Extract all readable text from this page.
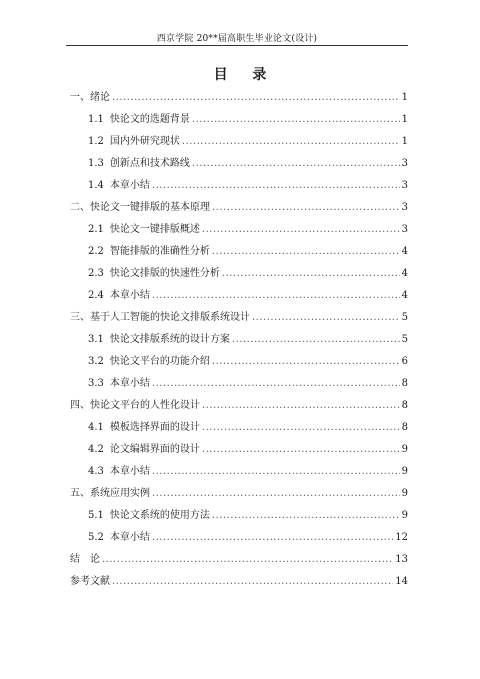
西京学院 20**届高职生毕业论文(设计)
目 录
一、绪论 .....	1
1.1 快论文的选题背景 .....	1
1.2 国内外研究现状 .....	1
1.3 创新点和技术路线 .....	3
1.4 本章小结 .....	3
二、快论文一键排版的基本原理 .....	3
2.1 快论文一键排版概述 .....	3
2.2 智能排版的准确性分析 .....	4
2.3 快论文排版的快速性分析 .....	4
2.4 本章小结 .....	4
三、基于人工智能的快论文排版系统设计 .....	5
3.1 快论文排版系统的设计方案 .....	5
3.2 快论文平台的功能介绍 .....	6
3.3 本章小结 .....	8
四、快论文平台的人性化设计 .....	8
4.1 模板选择界面的设计 .....	8
4.2 论文编辑界面的设计 .....	9
4.3 本章小结 .....	9
五、系统应用实例 .....	9
5.1 快论文系统的使用方法 .....	9
5.2 本章小结 .....	12
结　论 .....	13
参考文献 .....	14
